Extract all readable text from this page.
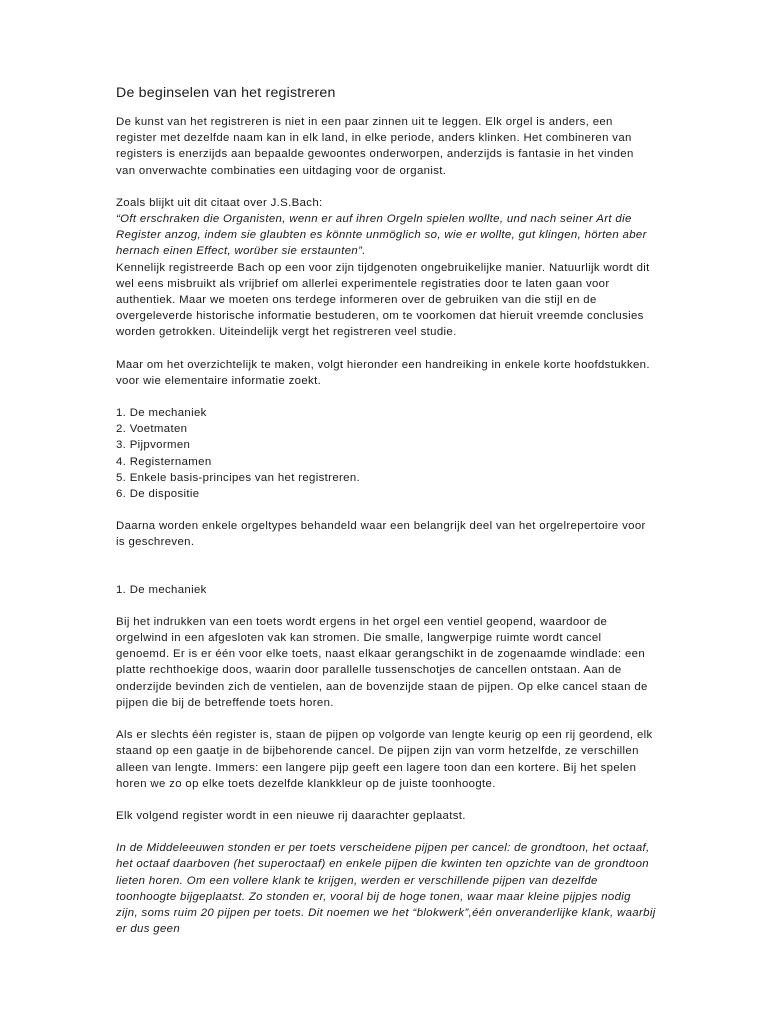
De beginselen van het registreren

De kunst van het registreren is niet in een paar zinnen uit te leggen. Elk orgel is anders, een register met dezelfde naam kan in elk land, in elke periode, anders klinken. Het combineren van registers is enerzijds aan bepaalde gewoontes onderworpen, anderzijds is fantasie in het vinden van onverwachte combinaties een uitdaging voor de organist.

Zoals blijkt uit dit citaat over J.S.Bach:

“Oft erschraken die Organisten, wenn er auf ihren Orgeln spielen wollte, und nach seiner Art die Register anzog, indem sie glaubten es könnte unmöglich so, wie er wollte, gut klingen, hörten aber hernach einen Effect, worüber sie erstaunten”.

Kennelijk registreerde Bach op een voor zijn tijdgenoten ongebruikelijke manier. Natuurlijk wordt dit wel eens misbruikt als vrijbrief om allerlei experimentele registraties door te laten gaan voor authentiek. Maar we moeten ons terdege informeren over de gebruiken van die stijl en de overgeleverde historische informatie bestuderen, om te voorkomen dat hieruit vreemde conclusies worden getrokken. Uiteindelijk vergt het registreren veel studie.

Maar om het overzichtelijk te maken, volgt hieronder een handreiking in enkele korte hoofdstukken. voor wie elementaire informatie zoekt.

1. De mechaniek
2. Voetmaten
3. Pijpvormen
4. Registernamen
5. Enkele basis-principes van het registreren.
6. De dispositie

Daarna worden enkele orgeltypes behandeld waar een belangrijk deel van het orgelrepertoire voor is geschreven.

1. De mechaniek

Bij het indrukken van een toets wordt ergens in het orgel een ventiel geopend, waardoor de orgelwind in een afgesloten vak kan stromen. Die smalle, langwerpige ruimte wordt cancel genoemd. Er is er één voor elke toets, naast elkaar gerangschikt in de zogenaamde windlade: een platte rechthoekige doos, waarin door parallelle tussenschotjes de cancellen ontstaan. Aan de onderzijde bevinden zich de ventielen, aan de bovenzijde staan de pijpen. Op elke cancel staan de pijpen die bij de betreffende toets horen.

Als er slechts één register is, staan de pijpen op volgorde van lengte keurig op een rij geordend, elk staand op een gaatje in de bijbehorende cancel. De pijpen zijn van vorm hetzelfde, ze verschillen alleen van lengte. Immers: een langere pijp geeft een lagere toon dan een kortere. Bij het spelen horen we zo op elke toets dezelfde klankkleur op de juiste toonhoogte.

Elk volgend register wordt in een nieuwe rij daarachter geplaatst.

In de Middeleeuwen stonden er per toets verscheidene pijpen per cancel: de grondtoon, het octaaf, het octaaf daarboven (het superoctaaf) en enkele pijpen die kwinten ten opzichte van de grondtoon lieten horen. Om een vollere klank te krijgen, werden er verschillende pijpen van dezelfde toonhoogte bijgeplaatst. Zo stonden er, vooral bij de hoge tonen, waar maar kleine pijpjes nodig zijn, soms ruim 20 pijpen per toets. Dit noemen we het “blokwerk”,één onveranderlijke klank, waarbij er dus geen
